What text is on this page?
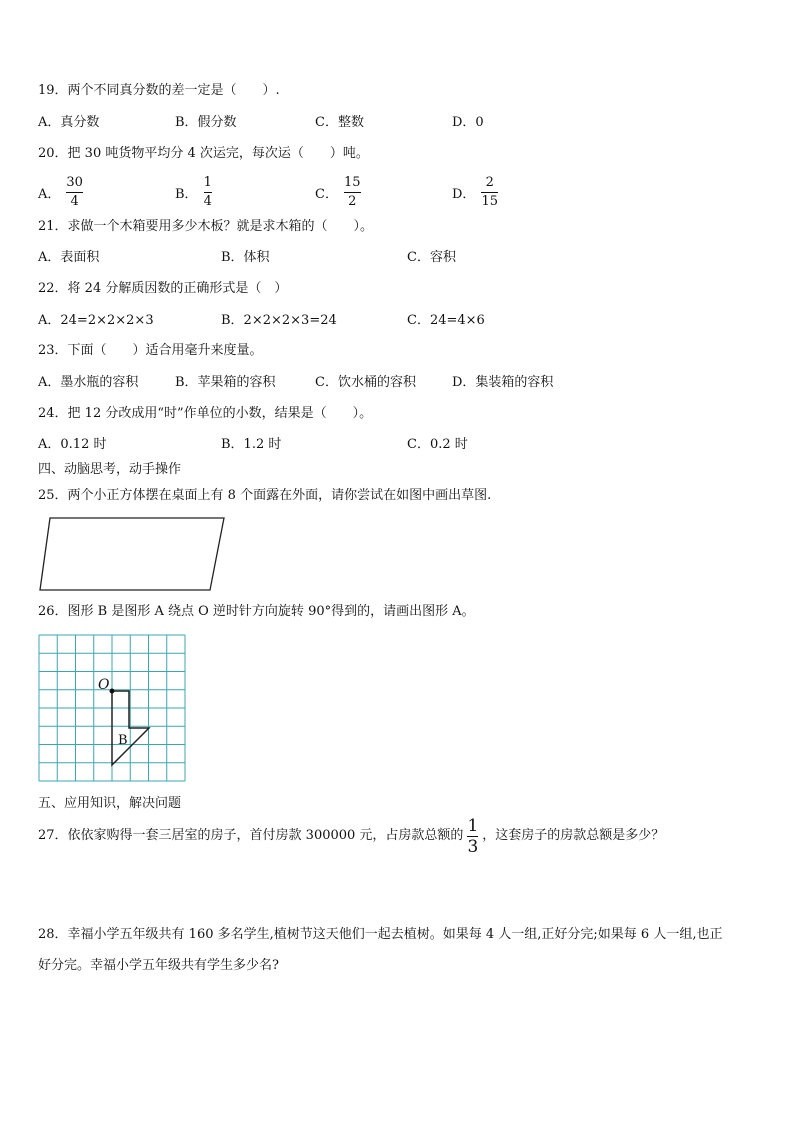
19．两个不同真分数的差一定是（　　）.
A．真分数	B．假分数	C．整数	D．0
20．把 30 吨货物平均分 4 次运完，每次运（　　）吨。
A． $\frac{30}{4}$	B． $\frac{1}{4}$	C． $\frac{15}{2}$	D． $\frac{2}{15}$
21．求做一个木箱要用多少木板？就是求木箱的（　　）。
A．表面积	B．体积	C．容积
22．将 24 分解质因数的正确形式是（　）
A．24=2×2×2×3	B．2×2×2×3=24	C．24=4×6
23．下面（　　）适合用毫升来度量。
A．墨水瓶的容积	B．苹果箱的容积	C．饮水桶的容积	D．集装箱的容积
24．把 12 分改成用“时”作单位的小数，结果是（　　）。
A．0.12 时	B．1.2 时	C．0.2 时
四、动脑思考，动手操作
25．两个小正方体摆在桌面上有 8 个面露在外面，请你尝试在如图中画出草图.
26．图形 B 是图形 A 绕点 O 逆时针方向旋转 90°得到的，请画出图形 A。
O
B
五、应用知识，解决问题
27．依依家购得一套三居室的房子，首付房款 300000 元，占房款总额的 $\frac{1}{3}$ ，这套房子的房款总额是多少？
28．幸福小学五年级共有 160 多名学生,植树节这天他们一起去植树。如果每 4 人一组,正好分完;如果每 6 人一组,也正
好分完。幸福小学五年级共有学生多少名?
